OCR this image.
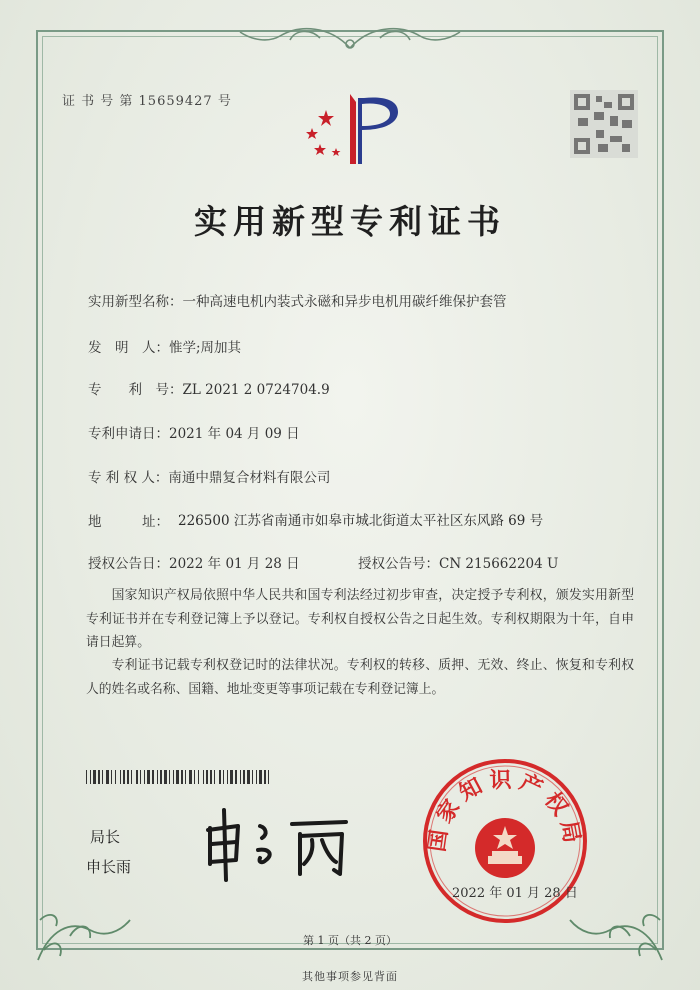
证 书 号 第 15659427 号
实用新型专利证书
实用新型名称：一种高速电机内装式永磁和异步电机用碳纤维保护套管
发　明　人：惟学;周加其
专　　利　号：ZL 2021 2 0724704.9
专利申请日：2021 年 04 月 09 日
专 利 权 人：南通中鼎复合材料有限公司
地　　　址： 226500 江苏省南通市如皋市城北街道太平社区东风路 69 号
授权公告日：2022 年 01 月 28 日	授权公告号：CN 215662204 U
国家知识产权局依照中华人民共和国专利法经过初步审查，决定授予专利权，颁发实用新型专利证书并在专利登记簿上予以登记。专利权自授权公告之日起生效。专利权期限为十年，自申请日起算。
专利证书记载专利权登记时的法律状况。专利权的转移、质押、无效、终止、恢复和专利权人的姓名或名称、国籍、地址变更等事项记载在专利登记簿上。
局长
申长雨
国家知识产权局
2022 年 01 月 28 日
第 1 页（共 2 页）
其他事项参见背面
